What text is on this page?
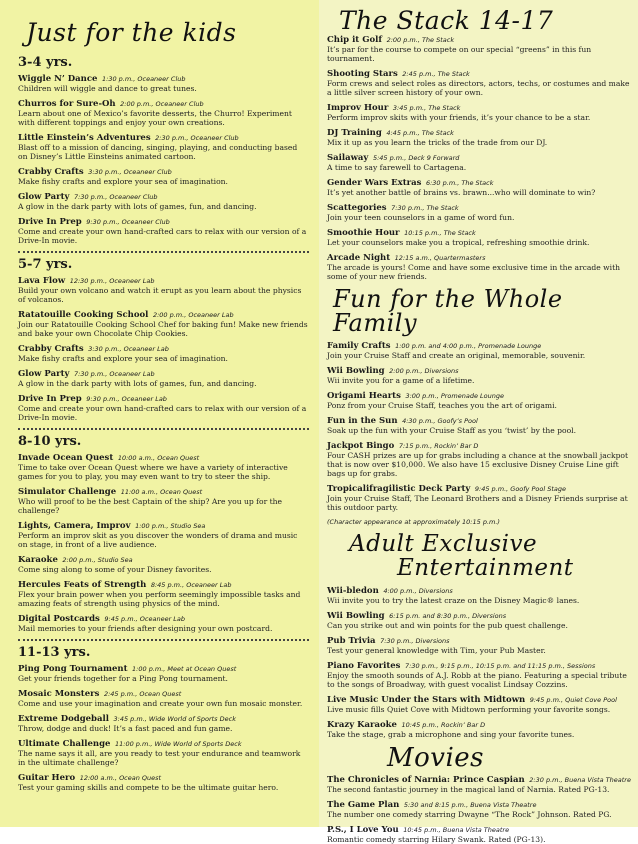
Just for the kids
3-4 yrs.
Wiggle N’ Dance 1:30 p.m., Oceaneer Club
Children will wiggle and dance to great tunes.
Churros for Sure-Oh 2:00 p.m., Oceaneer Club
Learn about one of Mexico’s favorite desserts, the Churro! Experiment with different toppings and enjoy your own creations.
Little Einstein’s Adventures 2:30 p.m., Oceaneer Club
Blast off to a mission of dancing, singing, playing, and conducting based on Disney’s Little Einsteins animated cartoon.
Crabby Crafts 3:30 p.m., Oceaneer Club
Make fishy crafts and explore your sea of imagination.
Glow Party 7:30 p.m., Oceaneer Club
A glow in the dark party with lots of games, fun, and dancing.
Drive In Prep 9:30 p.m., Oceaneer Club
Come and create your own hand-crafted cars to relax with our version of a Drive-In movie.
5-7 yrs.
Lava Flow 12:30 p.m., Oceaneer Lab
Build your own volcano and watch it erupt as you learn about the physics of volcanos.
Ratatouille Cooking School 2:00 p.m., Oceaneer Lab
Join our Ratatouille Cooking School Chef for baking fun! Make new friends and bake your own Chocolate Chip Cookies.
Crabby Crafts 3:30 p.m., Oceaneer Lab
Make fishy crafts and explore your sea of imagination.
Glow Party 7:30 p.m., Oceaneer Lab
A glow in the dark party with lots of games, fun, and dancing.
Drive In Prep 9:30 p.m., Oceaneer Lab
Come and create your own hand-crafted cars to relax with our version of a Drive-In movie.
8-10 yrs.
Invade Ocean Quest 10:00 a.m., Ocean Quest
Time to take over Ocean Quest where we have a variety of interactive games for you to play, you may even want to try to steer the ship.
Simulator Challenge 11:00 a.m., Ocean Quest
Who will proof to be the best Captain of the ship? Are you up for the challenge?
Lights, Camera, Improv 1:00 p.m., Studio Sea
Perform an improv skit as you discover the wonders of drama and music on stage, in front of a live audience.
Karaoke 2:00 p.m., Studio Sea
Come sing along to some of your Disney favorites.
Hercules Feats of Strength 8:45 p.m., Oceaneer Lab
Flex your brain power when you perform seemingly impossible tasks and amazing feats of strength using physics of the mind.
Digital Postcards 9:45 p.m., Oceaneer Lab
Mail memories to your friends after designing your own postcard.
11-13 yrs.
Ping Pong Tournament 1:00 p.m., Meet at Ocean Quest
Get your friends together for a Ping Pong tournament.
Mosaic Monsters 2:45 p.m., Ocean Quest
Come and use your imagination and create your own fun mosaic monster.
Extreme Dodgeball 3:45 p.m., Wide World of Sports Deck
Throw, dodge and duck! It’s a fast paced and fun game.
Ultimate Challenge 11:00 p.m., Wide World of Sports Deck
The name says it all, are you ready to test your endurance and teamwork in the ultimate challenge?
Guitar Hero 12:00 a.m., Ocean Quest
Test your gaming skills and compete to be the ultimate guitar hero.
The Stack 14-17
Chip it Golf 2:00 p.m., The Stack
It’s par for the course to compete on our special “greens” in this fun tournament.
Shooting Stars 2:45 p.m., The Stack
Form crews and select roles as directors, actors, techs, or costumes and make a little silver screen history of your own.
Improv Hour 3:45 p.m., The Stack
Perform improv skits with your friends, it’s your chance to be a star.
DJ Training 4:45 p.m., The Stack
Mix it up as you learn the tricks of the trade from our DJ.
Sailaway 5:45 p.m., Deck 9 Forward
A time to say farewell to Cartagena.
Gender Wars Extras 6:30 p.m., The Stack
It’s yet another battle of brains vs. brawn...who will dominate to win?
Scattegories 7:30 p.m., The Stack
Join your teen counselors in a game of word fun.
Smoothie Hour 10:15 p.m., The Stack
Let your counselors make you a tropical, refreshing smoothie drink.
Arcade Night 12:15 a.m., Quartermasters
The arcade is yours! Come and have some exclusive time in the arcade with some of your new friends.
Fun for the Whole Family
Family Crafts 1:00 p.m. and 4:00 p.m., Promenade Lounge
Join your Cruise Staff and create an original, memorable, souvenir.
Wii Bowling 2:00 p.m., Diversions
Wii invite you for a game of a lifetime.
Origami Hearts 3:00 p.m., Promenade Lounge
Ponz from your Cruise Staff, teaches you the art of origami.
Fun in the Sun 4:30 p.m., Goofy’s Pool
Soak up the fun with your Cruise Staff as you ‘twist’ by the pool.
Jackpot Bingo 7:15 p.m., Rockin’ Bar D
Four CASH prizes are up for grabs including a chance at the snowball jackpot that is now over $10,000. We also have 15 exclusive Disney Cruise Line gift bags up for grabs.
Tropicalifragilistic Deck Party 9:45 p.m., Goofy Pool Stage
Join your Cruise Staff, The Leonard Brothers and a Disney Friends surprise at this outdoor party.
(Character appearance at approximately 10:15 p.m.)
Adult Exclusive
Entertainment
Wii-bledon 4:00 p.m., Diversions
Wii invite you to try the latest craze on the Disney Magic® lanes.
Wii Bowling 6:15 p.m. and 8:30 p.m., Diversions
Can you strike out and win points for the pub quest challenge.
Pub Trivia 7:30 p.m., Diversions
Test your general knowledge with Tim, your Pub Master.
Piano Favorites 7:30 p.m., 9:15 p.m., 10:15 p.m. and 11:15 p.m., Sessions
Enjoy the smooth sounds of A.J. Robb at the piano. Featuring a special tribute to the songs of Broadway, with guest vocalist Lindsay Cozzins.
Live Music Under the Stars with Midtown 9:45 p.m., Quiet Cove Pool
Live music fills Quiet Cove with Midtown performing your favorite songs.
Krazy Karaoke 10:45 p.m., Rockin’ Bar D
Take the stage, grab a microphone and sing your favorite tunes.
Movies
The Chronicles of Narnia: Prince Caspian 2:30 p.m., Buena Vista Theatre
The second fantastic journey in the magical land of Narnia. Rated PG-13.
The Game Plan 5:30 and 8:15 p.m., Buena Vista Theatre
The number one comedy starring Dwayne “The Rock” Johnson. Rated PG.
P.S., I Love You 10:45 p.m., Buena Vista Theatre
Romantic comedy starring Hilary Swank. Rated (PG-13).
